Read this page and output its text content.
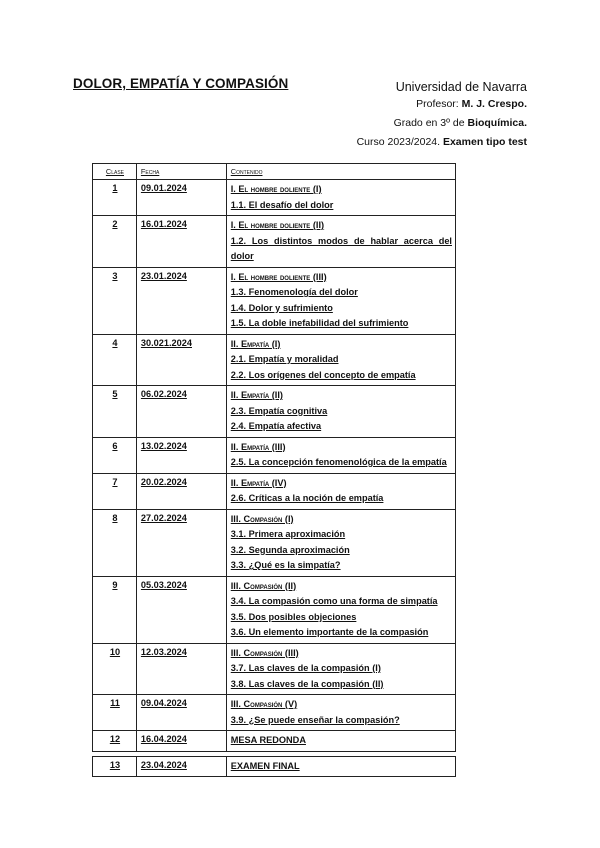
DOLOR, EMPATÍA Y COMPASIÓN	Universidad de Navarra
Profesor: M. J. Crespo.
Grado en 3º de Bioquímica.
Curso 2023/2024. Examen tipo test
Clase	Fecha	Contenido
1	09.01.2024	I. El hombre doliente (I)
1.1. El desafío del dolor

2	16.01.2024	I. El hombre doliente (II)
1.2. Los distintos modos de hablar acerca del dolor

3	23.01.2024	I. El hombre doliente (III)
1.3. Fenomenología del dolor
1.4. Dolor y sufrimiento
1.5. La doble inefabilidad del sufrimiento

4	30.021.2024	II. Empatía (I)
2.1. Empatía y moralidad
2.2. Los orígenes del concepto de empatía

5	06.02.2024	II. Empatía (II)
2.3. Empatía cognitiva
2.4. Empatía afectiva

6	13.02.2024	II. Empatía (III)
2.5. La concepción fenomenológica de la empatía

7	20.02.2024	II. Empatía (IV)
2.6. Críticas a la noción de empatía

8	27.02.2024	III. Compasión (I)
3.1. Primera aproximación
3.2. Segunda aproximación
3.3. ¿Qué es la simpatía?

9	05.03.2024	III. Compasión (II)
3.4. La compasión como una forma de simpatía
3.5. Dos posibles objeciones
3.6. Un elemento importante de la compasión

10	12.03.2024	III. Compasión (III)
3.7. Las claves de la compasión (I)
3.8. Las claves de la compasión (II)

11	09.04.2024	III. Compasión (V)
3.9. ¿Se puede enseñar la compasión?

12	16.04.2024	MESA REDONDA

13	23.04.2024	EXAMEN FINAL
